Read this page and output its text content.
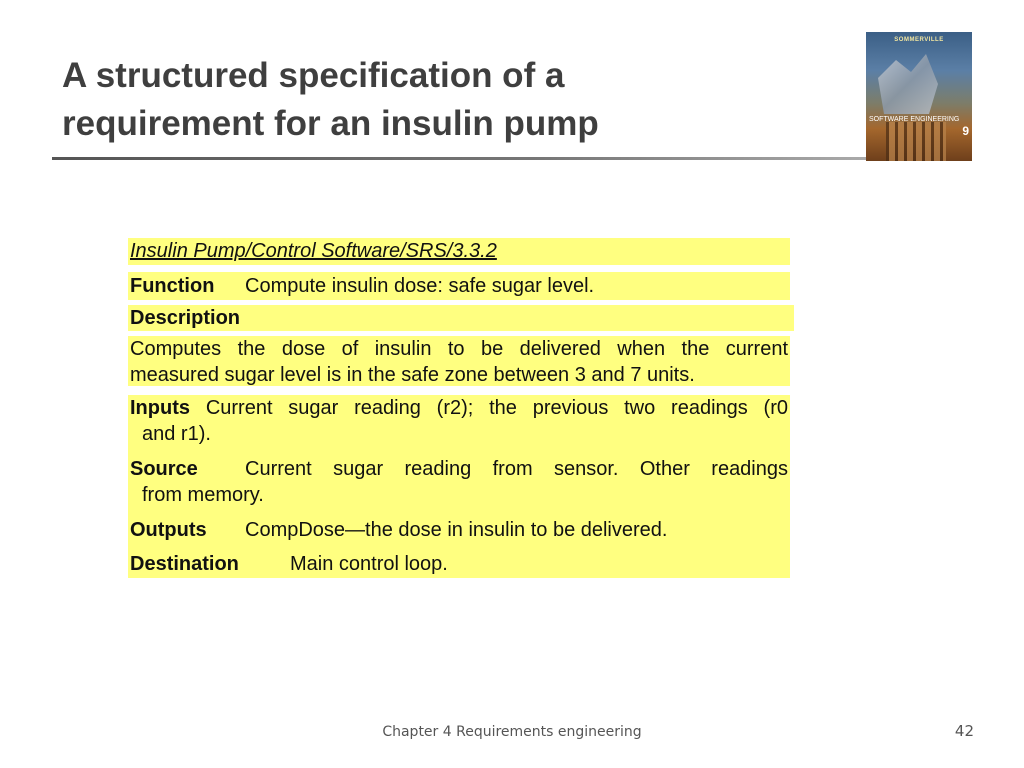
A structured specification of a
requirement for an insulin pump
SOMMERVILLE
SOFTWARE ENGINEERING
9
Insulin Pump/Control Software/SRS/3.3.2
Function Compute insulin dose: safe sugar level.
Description
Computes the dose of insulin to be delivered when the current
measured sugar level is in the safe zone between 3 and 7 units.

Inputs Current sugar reading (r2); the previous two readings (r0
and r1).

Source Current sugar reading from sensor. Other readings
from memory.

Outputs CompDose—the dose in insulin to be delivered.

Destination	Main control loop.

Chapter 4 Requirements engineering	42
